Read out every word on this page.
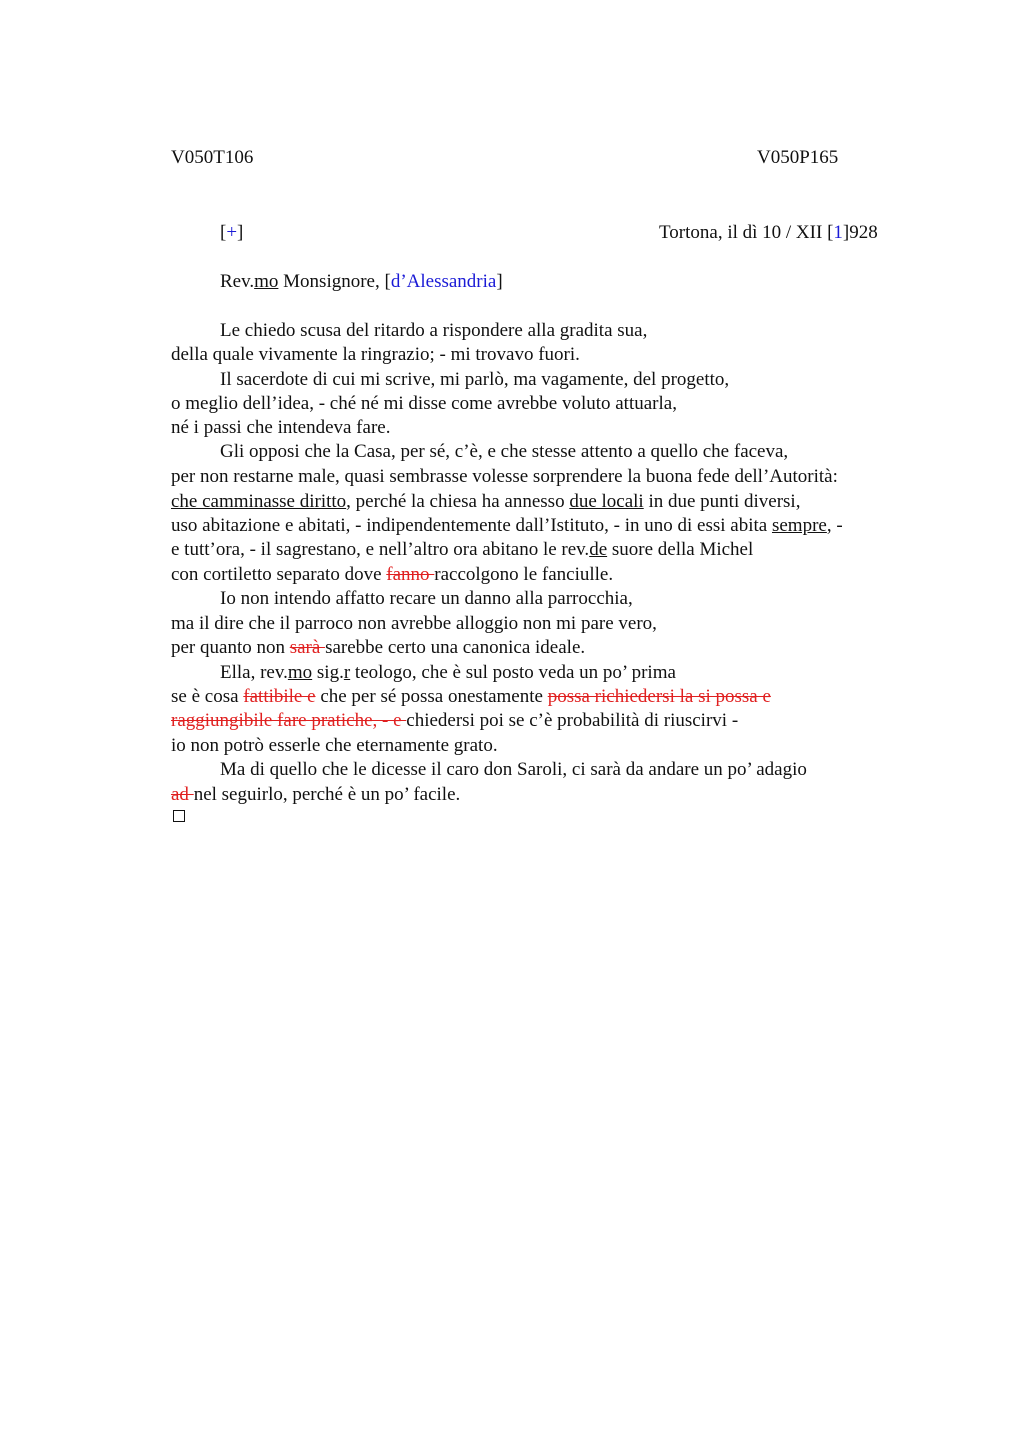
V050T106	V050P165
[+]	Tortona, il dì 10 / XII [1]928
Rev.mo Monsignore, [d’Alessandria]
Le chiedo scusa del ritardo a rispondere alla gradita sua,
della quale vivamente la ringrazio; - mi trovavo fuori.
Il sacerdote di cui mi scrive, mi parlò, ma vagamente, del progetto,
o meglio dell’idea, - ché né mi disse come avrebbe voluto attuarla,
né i passi che intendeva fare.
Gli opposi che la Casa, per sé, c’è, e che stesse attento a quello che faceva,
per non restarne male, quasi sembrasse volesse sorprendere la buona fede dell’Autorità:
che camminasse diritto, perché la chiesa ha annesso due locali in due punti diversi,
uso abitazione e abitati, - indipendentemente dall’Istituto, - in uno di essi abita sempre, -
e tutt’ora, - il sagrestano, e nell’altro ora abitano le rev.de suore della Michel
con cortiletto separato dove fanno raccolgono le fanciulle.
Io non intendo affatto recare un danno alla parrocchia,
ma il dire che il parroco non avrebbe alloggio non mi pare vero,
per quanto non sarà sarebbe certo una canonica ideale.
Ella, rev.mo sig.r teologo, che è sul posto veda un po’ prima
se è cosa fattibile e che per sé possa onestamente possa richiedersi la si possa e
raggiungibile fare pratiche, - e chiedersi poi se c’è probabilità di riuscirvi -
io non potrò esserle che eternamente grato.
Ma di quello che le dicesse il caro don Saroli, ci sarà da andare un po’ adagio
ad nel seguirlo, perché è un po’ facile.
